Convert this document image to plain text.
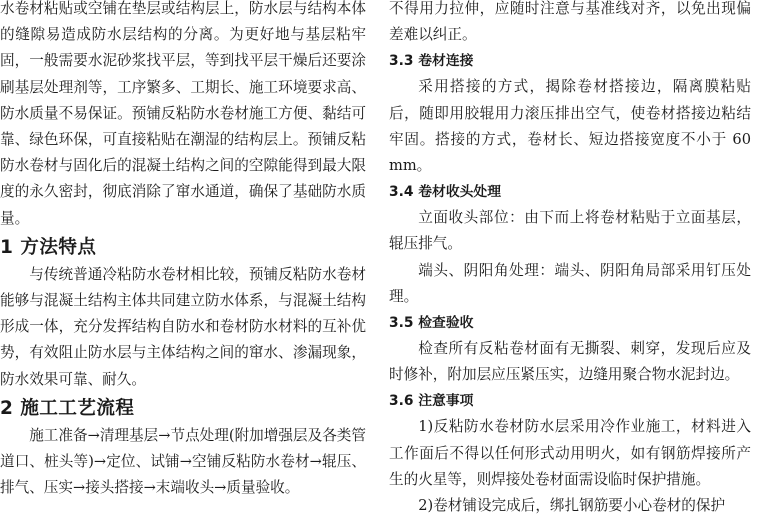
水卷材粘贴或空铺在垫层或结构层上，防水层与结构本体的缝隙易造成防水层结构的分离。为更好地与基层粘牢固，一般需要水泥砂浆找平层，等到找平层干燥后还要涂刷基层处理剂等，工序繁多、工期长、施工环境要求高、防水质量不易保证。预铺反粘防水卷材施工方便、黏结可靠、绿色环保，可直接粘贴在潮湿的结构层上。预铺反粘防水卷材与固化后的混凝土结构之间的空隙能得到最大限度的永久密封，彻底消除了窜水通道，确保了基础防水质量。

1 方法特点

与传统普通冷粘防水卷材相比较，预铺反粘防水卷材能够与混凝土结构主体共同建立防水体系，与混凝土结构形成一体，充分发挥结构自防水和卷材防水材料的互补优势，有效阻止防水层与主体结构之间的窜水、渗漏现象，防水效果可靠、耐久。

2 施工工艺流程

施工准备→清理基层→节点处理(附加增强层及各类管道口、桩头等)→定位、试铺→空铺反粘防水卷材→辊压、排气、压实→接头搭接→末端收头→质量验收。

不得用力拉伸，应随时注意与基准线对齐，以免出现偏差难以纠正。

3.3 卷材连接

采用搭接的方式，揭除卷材搭接边，隔离膜粘贴后，随即用胶辊用力滚压排出空气，使卷材搭接边粘结牢固。搭接的方式，卷材长、短边搭接宽度不小于 60 mm。

3.4 卷材收头处理

立面收头部位：由下而上将卷材粘贴于立面基层，辊压排气。

端头、阴阳角处理：端头、阴阳角局部采用钉压处理。

3.5 检查验收

检查所有反粘卷材面有无撕裂、刺穿，发现后应及时修补，附加层应压紧压实，边缝用聚合物水泥封边。

3.6 注意事项

1)反粘防水卷材防水层采用冷作业施工，材料进入工作面后不得以任何形式动用明火，如有钢筋焊接所产生的火星等，则焊接处卷材面需设临时保护措施。

2)卷材铺设完成后，绑扎钢筋要小心卷材的保护
